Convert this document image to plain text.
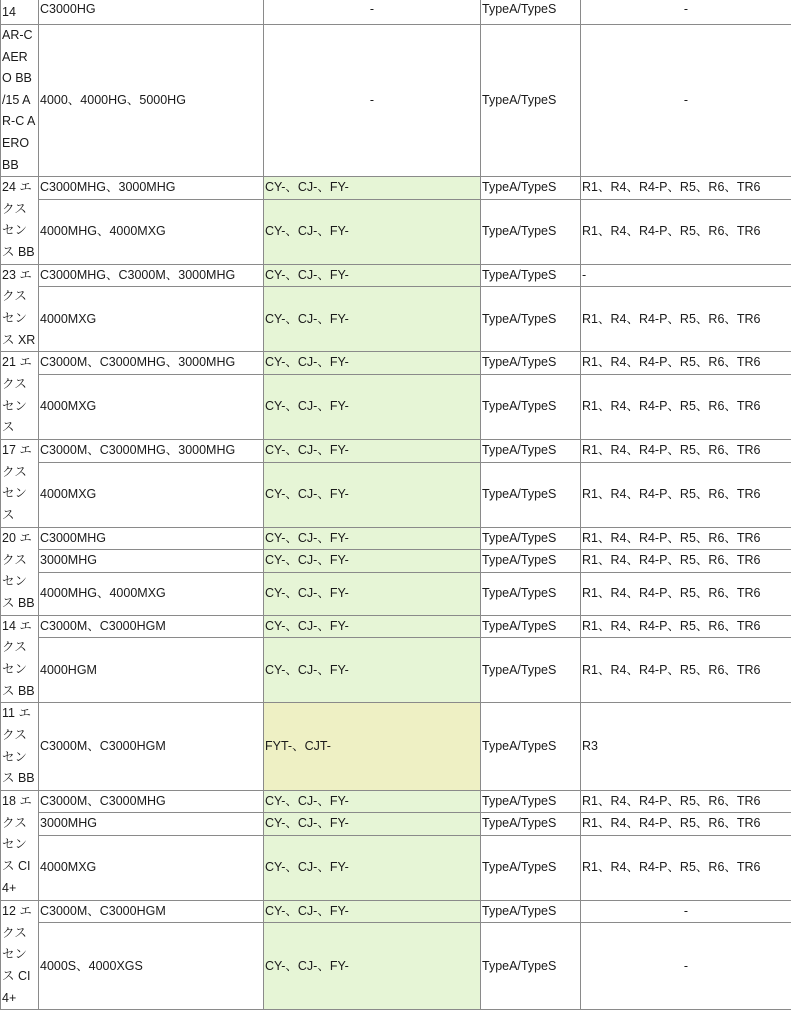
14	C3000HG	-	TypeA/TypeS	-
AR-C AERO BB /15 AR-C AERO BB	4000、4000HG、5000HG	-	TypeA/TypeS	-
24 エクスセンス BB	C3000MHG、3000MHG	CY-、CJ-、FY-	TypeA/TypeS	R1、R4、R4-P、R5、R6、TR6
	4000MHG、4000MXG	CY-、CJ-、FY-	TypeA/TypeS	R1、R4、R4-P、R5、R6、TR6
23 エクスセンス XR	C3000MHG、C3000M、3000MHG	CY-、CJ-、FY-	TypeA/TypeS	-
	4000MXG	CY-、CJ-、FY-	TypeA/TypeS	R1、R4、R4-P、R5、R6、TR6
21 エクスセンス	C3000M、C3000MHG、3000MHG	CY-、CJ-、FY-	TypeA/TypeS	R1、R4、R4-P、R5、R6、TR6
	4000MXG	CY-、CJ-、FY-	TypeA/TypeS	R1、R4、R4-P、R5、R6、TR6
17 エクスセンス	C3000M、C3000MHG、3000MHG	CY-、CJ-、FY-	TypeA/TypeS	R1、R4、R4-P、R5、R6、TR6
	4000MXG	CY-、CJ-、FY-	TypeA/TypeS	R1、R4、R4-P、R5、R6、TR6
20 エクスセンス BB	C3000MHG	CY-、CJ-、FY-	TypeA/TypeS	R1、R4、R4-P、R5、R6、TR6
	3000MHG	CY-、CJ-、FY-	TypeA/TypeS	R1、R4、R4-P、R5、R6、TR6
	4000MHG、4000MXG	CY-、CJ-、FY-	TypeA/TypeS	R1、R4、R4-P、R5、R6、TR6
14 エクスセンス BB	C3000M、C3000HGM	CY-、CJ-、FY-	TypeA/TypeS	R1、R4、R4-P、R5、R6、TR6
	4000HGM	CY-、CJ-、FY-	TypeA/TypeS	R1、R4、R4-P、R5、R6、TR6
11 エクスセンス BB	C3000M、C3000HGM	FYT-、CJT-	TypeA/TypeS	R3
18 エクスセンス CI4+	C3000M、C3000MHG	CY-、CJ-、FY-	TypeA/TypeS	R1、R4、R4-P、R5、R6、TR6
	3000MHG	CY-、CJ-、FY-	TypeA/TypeS	R1、R4、R4-P、R5、R6、TR6
	4000MXG	CY-、CJ-、FY-	TypeA/TypeS	R1、R4、R4-P、R5、R6、TR6
12 エクスセンス CI4+	C3000M、C3000HGM	CY-、CJ-、FY-	TypeA/TypeS	-
	4000S、4000XGS	CY-、CJ-、FY-	TypeA/TypeS	-
